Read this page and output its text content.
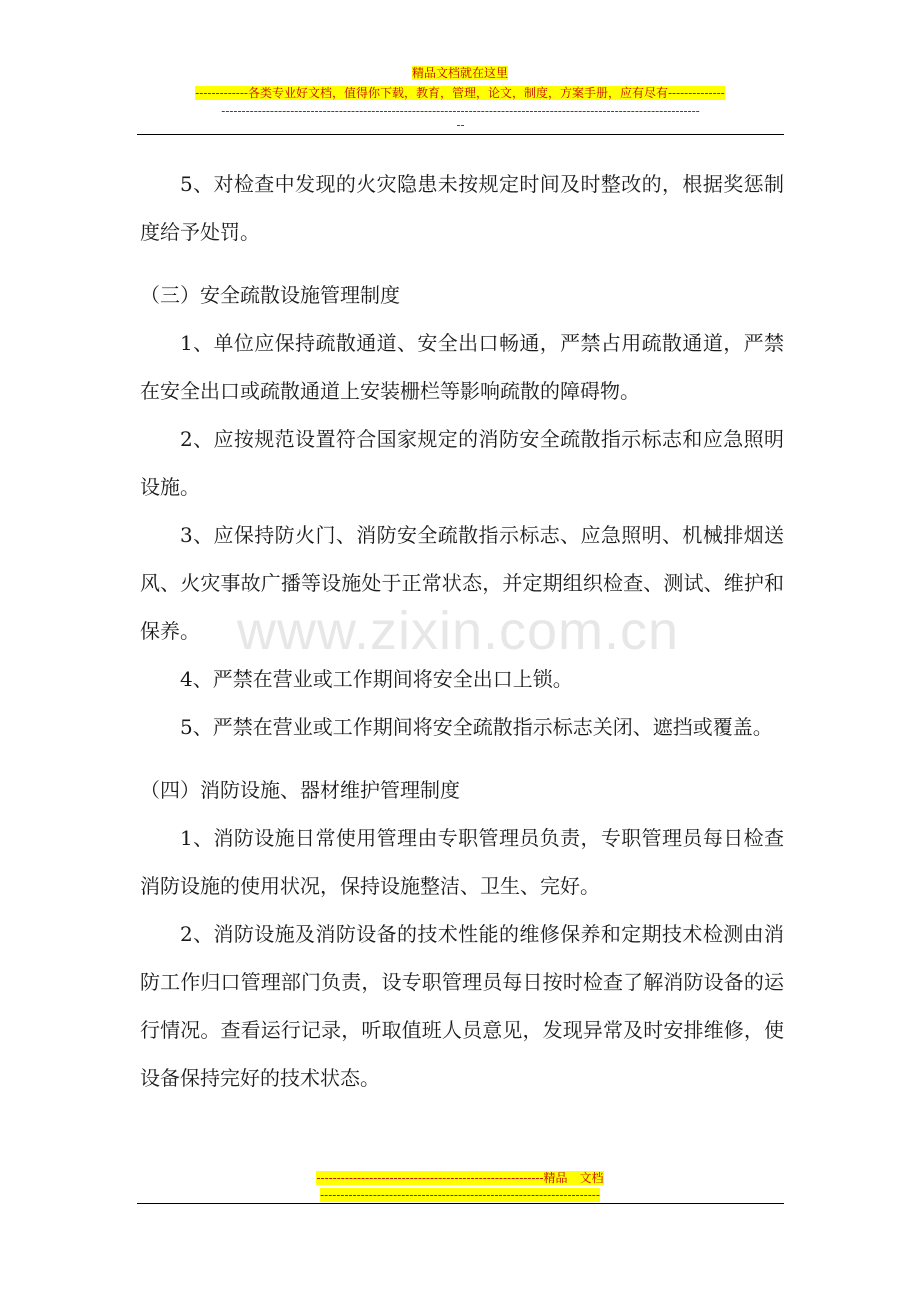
精品文档就在这里
-------------各类专业好文档，值得你下载，教育，管理，论文，制度，方案手册，应有尽有--------------
----------------------------------------------------------------------------------------------------------------------
--

5、对检查中发现的火灾隐患未按规定时间及时整改的，根据奖惩制度给予处罚。

（三）安全疏散设施管理制度

1、单位应保持疏散通道、安全出口畅通，严禁占用疏散通道，严禁在安全出口或疏散通道上安装栅栏等影响疏散的障碍物。

2、应按规范设置符合国家规定的消防安全疏散指示标志和应急照明设施。

3、应保持防火门、消防安全疏散指示标志、应急照明、机械排烟送风、火灾事故广播等设施处于正常状态，并定期组织检查、测试、维护和保养。

4、严禁在营业或工作期间将安全出口上锁。

5、严禁在营业或工作期间将安全疏散指示标志关闭、遮挡或覆盖。

（四）消防设施、器材维护管理制度

1、消防设施日常使用管理由专职管理员负责，专职管理员每日检查消防设施的使用状况，保持设施整洁、卫生、完好。

2、消防设施及消防设备的技术性能的维修保养和定期技术检测由消防工作归口管理部门负责，设专职管理员每日按时检查了解消防设备的运行情况。查看运行记录，听取值班人员意见，发现异常及时安排维修，使设备保持完好的技术状态。

www.zixin.com.cn
--------------------------------------------------------精品　文档
---------------------------------------------------------------------
